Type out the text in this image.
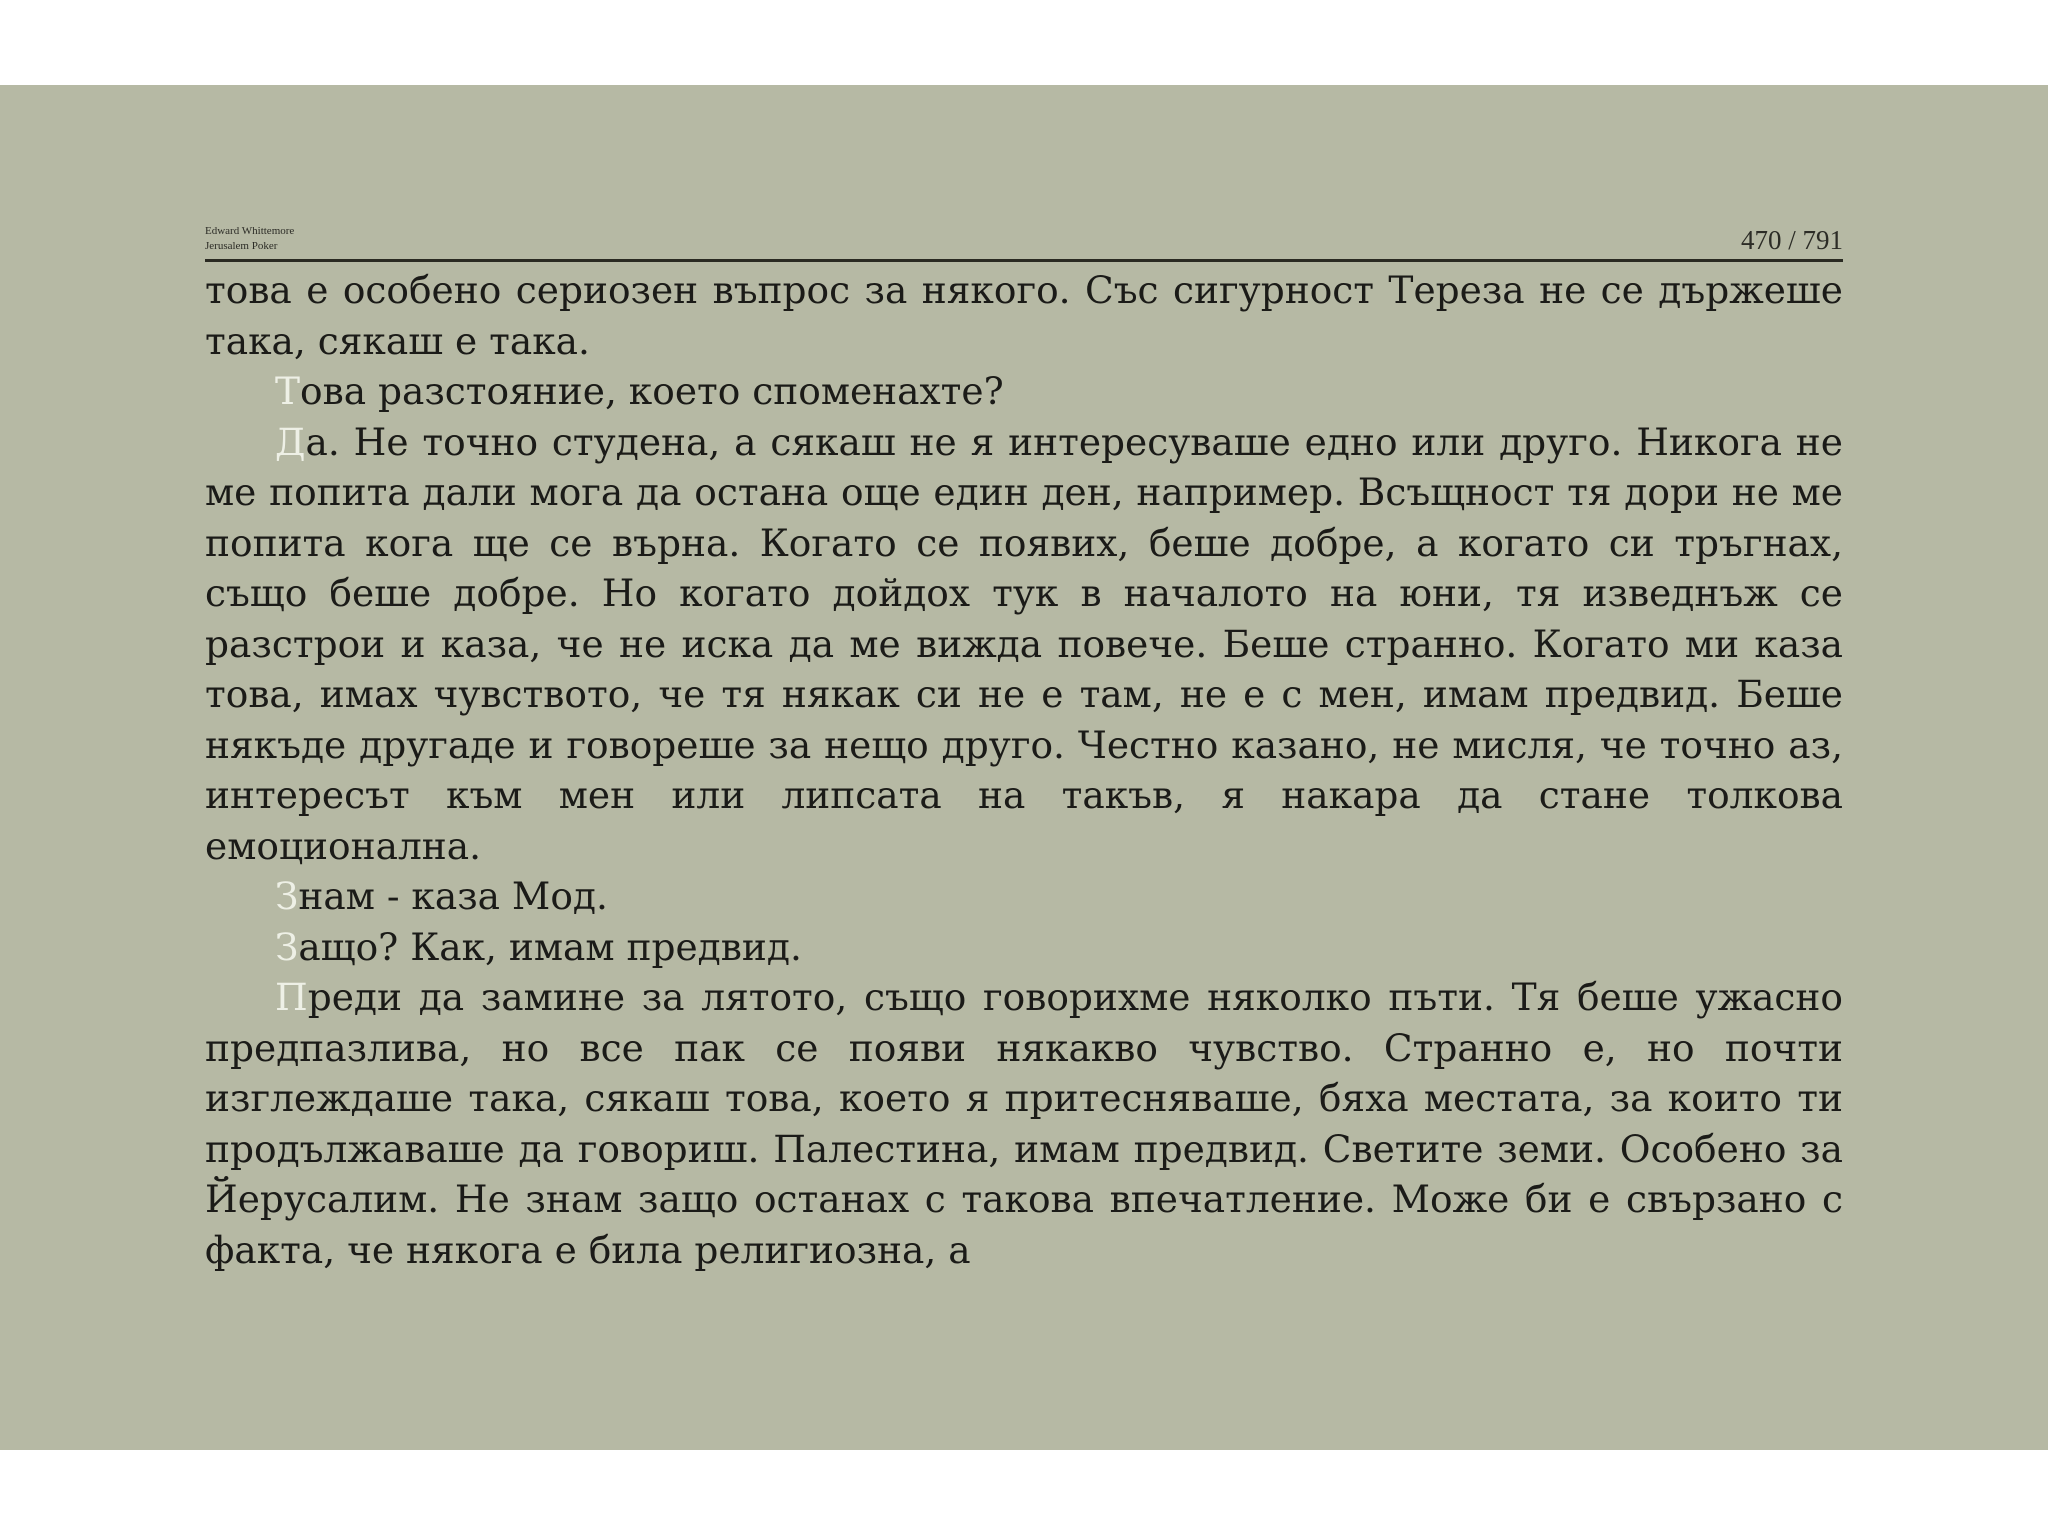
Edward Whittemore
Jerusalem Poker	470 / 791

това е особено сериозен въпрос за някого. Със сигурност Тереза не се държеше така, сякаш е така.

Това разстояние, което споменахте?

Да. Не точно студена, а сякаш не я интересуваше едно или друго. Никога не ме попита дали мога да остана още един ден, например. Всъщност тя дори не ме попита кога ще се върна. Когато се появих, беше добре, а когато си тръгнах, също беше добре. Но когато дойдох тук в началото на юни, тя изведнъж се разстрои и каза, че не иска да ме вижда повече. Беше странно. Когато ми каза това, имах чувството, че тя някак си не е там, не е с мен, имам предвид. Беше някъде другаде и говореше за нещо друго. Честно казано, не мисля, че точно аз, интересът към мен или липсата на такъв, я накара да стане толкова емоционална.

Знам - каза Мод.

Защо? Как, имам предвид.

Преди да замине за лятото, също говорихме няколко пъти. Тя беше ужасно предпазлива, но все пак се появи някакво чувство. Странно е, но почти изглеждаше така, сякаш това, което я притесняваше, бяха местата, за които ти продължаваше да говориш. Палестина, имам предвид. Светите земи. Особено за Йерусалим. Не знам защо останах с такова впечатление. Може би е свързано с факта, че някога е била религиозна, а
